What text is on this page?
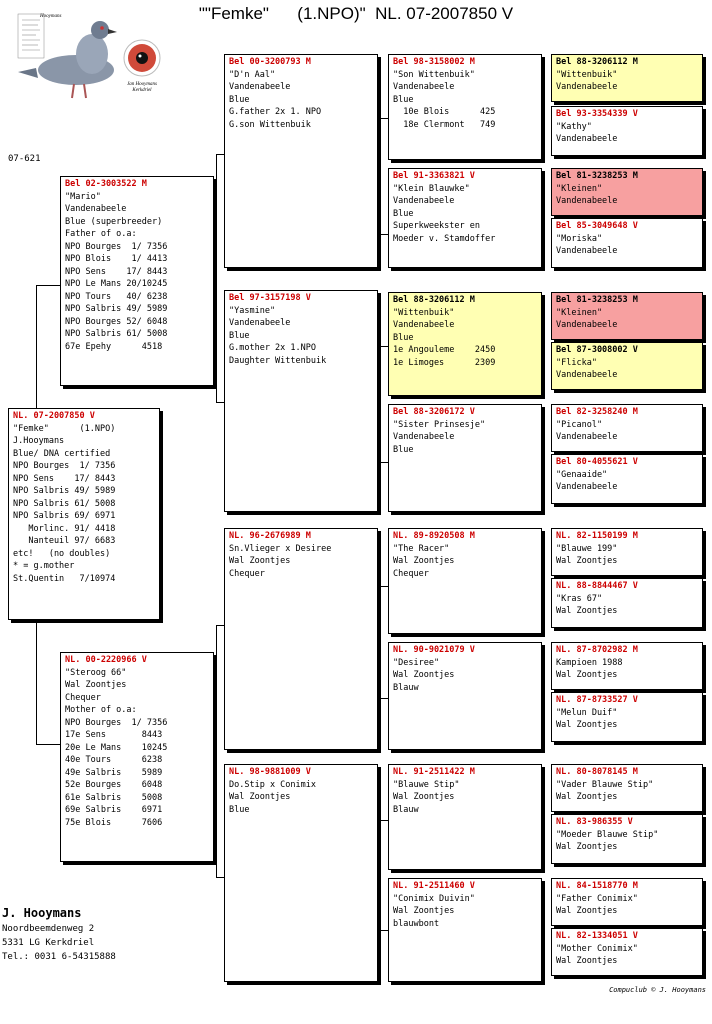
""Femke"      (1.NPO)"  NL. 07-2007850 V
Hooymans
Jan Hooymans Kerkdriel
07-621
NL. 07-2007850 V
"Femke"      (1.NPO)
J.Hooymans
Blue/ DNA certified
NPO Bourges  1/ 7356
NPO Sens    17/ 8443
NPO Salbris 49/ 5989
NPO Salbris 61/ 5008
NPO Salbris 69/ 6971
Morlinc. 91/ 4418
Nanteuil 97/ 6683
etc!   (no doubles)
* = g.mother
St.Quentin   7/10974
Bel 02-3003522 M
"Mario"
Vandenabeele
Blue (superbreeder)
Father of o.a:
NPO Bourges  1/ 7356
NPO Blois    1/ 4413
NPO Sens    17/ 8443
NPO Le Mans 20/10245
NPO Tours   40/ 6238
NPO Salbris 49/ 5989
NPO Bourges 52/ 6048
NPO Salbris 61/ 5008
67e Epehy      4518
NL. 00-2220966 V
"Steroog 66"
Wal Zoontjes
Chequer
Mother of o.a:
NPO Bourges  1/ 7356
17e Sens       8443
20e Le Mans    10245
40e Tours      6238
49e Salbris    5989
52e Bourges    6048
61e Salbris    5008
69e Salbris    6971
75e Blois      7606
Bel 00-3200793 M
"D'n Aal"
Vandenabeele
Blue
G.father 2x 1. NPO
G.son Wittenbuik
Bel 97-3157198 V
"Yasmine"
Vandenabeele
Blue
G.mother 2x 1.NPO
Daughter Wittenbuik
NL. 96-2676989 M
Sn.Vlieger x Desiree
Wal Zoontjes
Chequer
NL. 98-9881009 V
Do.Stip x Conimix
Wal Zoontjes
Blue
Bel 98-3158002 M
"Son Wittenbuik"
Vandenabeele
Blue
10e Blois      425
18e Clermont   749
Bel 91-3363821 V
"Klein Blauwke"
Vandenabeele
Blue
Superkweekster en
Moeder v. Stamdoffer
Bel 88-3206112 M
"Wittenbuik"
Vandenabeele
Blue
1e Angouleme    2450
1e Limoges      2309
Bel 88-3206172 V
"Sister Prinsesje"
Vandenabeele
Blue
NL. 89-8920508 M
"The Racer"
Wal Zoontjes
Chequer
NL. 90-9021079 V
"Desiree"
Wal Zoontjes
Blauw
NL. 91-2511422 M
"Blauwe Stip"
Wal Zoontjes
Blauw
NL. 91-2511460 V
"Conimix Duivin"
Wal Zoontjes
blauwbont
Bel 88-3206112 M
"Wittenbuik"
Vandenabeele
Bel 93-3354339 V
"Kathy"
Vandenabeele
Bel 81-3238253 M
"Kleinen"
Vandenabeele
Bel 85-3049648 V
"Moriska"
Vandenabeele
Bel 81-3238253 M
"Kleinen"
Vandenabeele
Bel 87-3008002 V
"Flicka"
Vandenabeele
Bel 82-3258240 M
"Picanol"
Vandenabeele
Bel 80-4055621 V
"Genaaide"
Vandenabeele
NL. 82-1150199 M
"Blauwe 199"
Wal Zoontjes
NL. 88-8844467 V
"Kras 67"
Wal Zoontjes
NL. 87-8702982 M
Kampioen 1988
Wal Zoontjes
NL. 87-8733527 V
"Melun Duif"
Wal Zoontjes
NL. 80-8078145 M
"Vader Blauwe Stip"
Wal Zoontjes
NL. 83-986355 V
"Moeder Blauwe Stip"
Wal Zoontjes
NL. 84-1518770 M
"Father Conimix"
Wal Zoontjes
NL. 82-1334051 V
"Mother Conimix"
Wal Zoontjes
J. Hooymans
Noordbeemdenweg 2
5331 LG Kerkdriel
Tel.: 0031 6-54315888
Compuclub © J. Hooymans
